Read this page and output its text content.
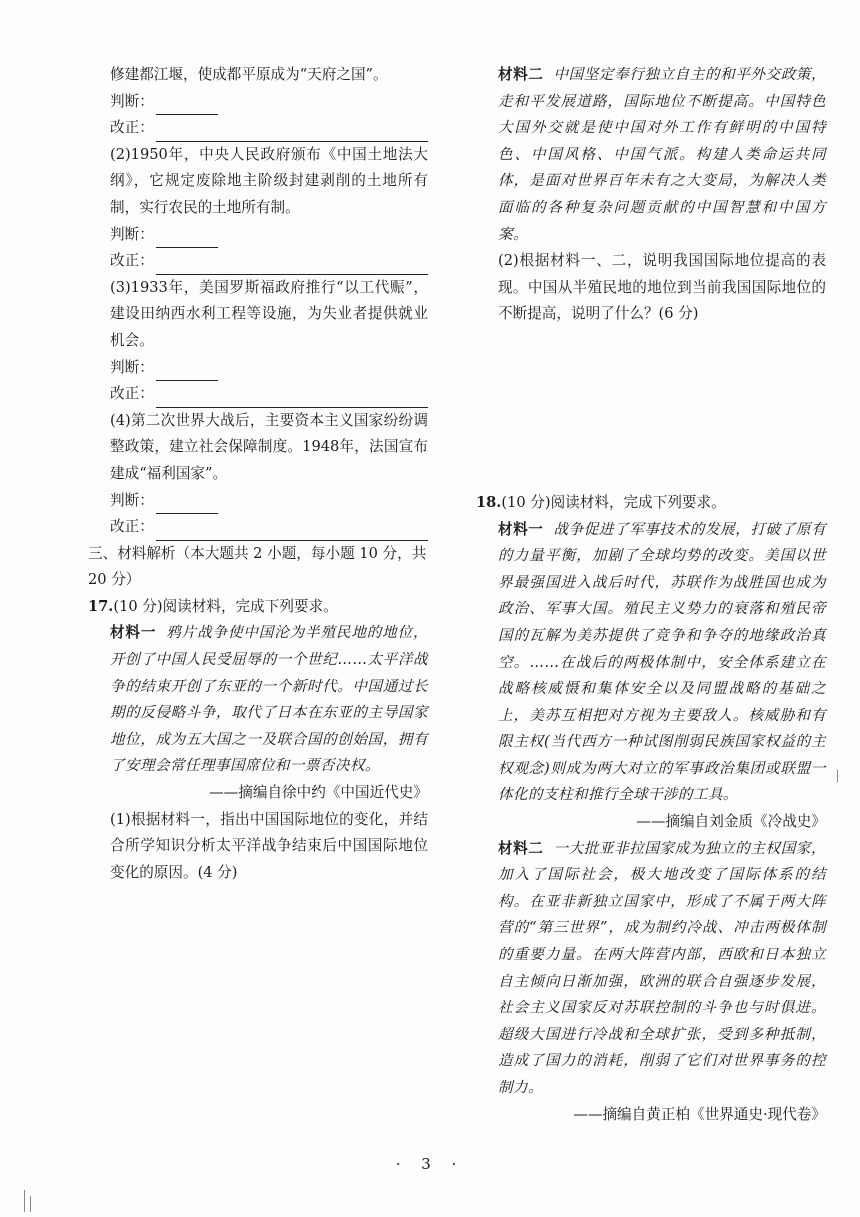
修建都江堰，使成都平原成为“天府之国”。

判断：
改正：

(2)1950年，中央人民政府颁布《中国土地法大纲》，它规定废除地主阶级封建剥削的土地所有制，实行农民的土地所有制。

判断：
改正：

(3)1933年，美国罗斯福政府推行“以工代赈”，建设田纳西水利工程等设施，为失业者提供就业机会。

判断：
改正：

(4)第二次世界大战后，主要资本主义国家纷纷调整政策，建立社会保障制度。1948年，法国宣布建成“福利国家”。

判断：
改正：

三、材料解析（本大题共 2 小题，每小题 10 分，共 20 分）

17.(10 分)阅读材料，完成下列要求。

材料一 鸦片战争使中国沦为半殖民地的地位，开创了中国人民受屈辱的一个世纪……太平洋战争的结束开创了东亚的一个新时代。中国通过长期的反侵略斗争，取代了日本在东亚的主导国家地位，成为五大国之一及联合国的创始国，拥有了安理会常任理事国席位和一票否决权。

——摘编自徐中约《中国近代史》

(1)根据材料一，指出中国国际地位的变化，并结合所学知识分析太平洋战争结束后中国国际地位变化的原因。(4 分)

材料二 中国坚定奉行独立自主的和平外交政策，走和平发展道路，国际地位不断提高。中国特色大国外交就是使中国对外工作有鲜明的中国特色、中国风格、中国气派。构建人类命运共同体，是面对世界百年未有之大变局，为解决人类面临的各种复杂问题贡献的中国智慧和中国方案。

(2)根据材料一、二，说明我国国际地位提高的表现。中国从半殖民地的地位到当前我国国际地位的不断提高，说明了什么？(6 分)

18.(10 分)阅读材料，完成下列要求。

材料一 战争促进了军事技术的发展，打破了原有的力量平衡，加剧了全球均势的改变。美国以世界最强国进入战后时代，苏联作为战胜国也成为政治、军事大国。殖民主义势力的衰落和殖民帝国的瓦解为美苏提供了竞争和争夺的地缘政治真空。……在战后的两极体制中，安全体系建立在战略核威慑和集体安全以及同盟战略的基础之上，美苏互相把对方视为主要敌人。核威胁和有限主权(当代西方一种试图削弱民族国家权益的主权观念)则成为两大对立的军事政治集团或联盟一体化的支柱和推行全球干涉的工具。

——摘编自刘金质《冷战史》

材料二 一大批亚非拉国家成为独立的主权国家，加入了国际社会，极大地改变了国际体系的结构。在亚非新独立国家中，形成了不属于两大阵营的“第三世界”，成为制约冷战、冲击两极体制的重要力量。在两大阵营内部，西欧和日本独立自主倾向日渐加强，欧洲的联合自强逐步发展，社会主义国家反对苏联控制的斗争也与时俱进。超级大国进行冷战和全球扩张，受到多种抵制，造成了国力的消耗，削弱了它们对世界事务的控制力。

——摘编自黄正柏《世界通史·现代卷》

· 3 ·
